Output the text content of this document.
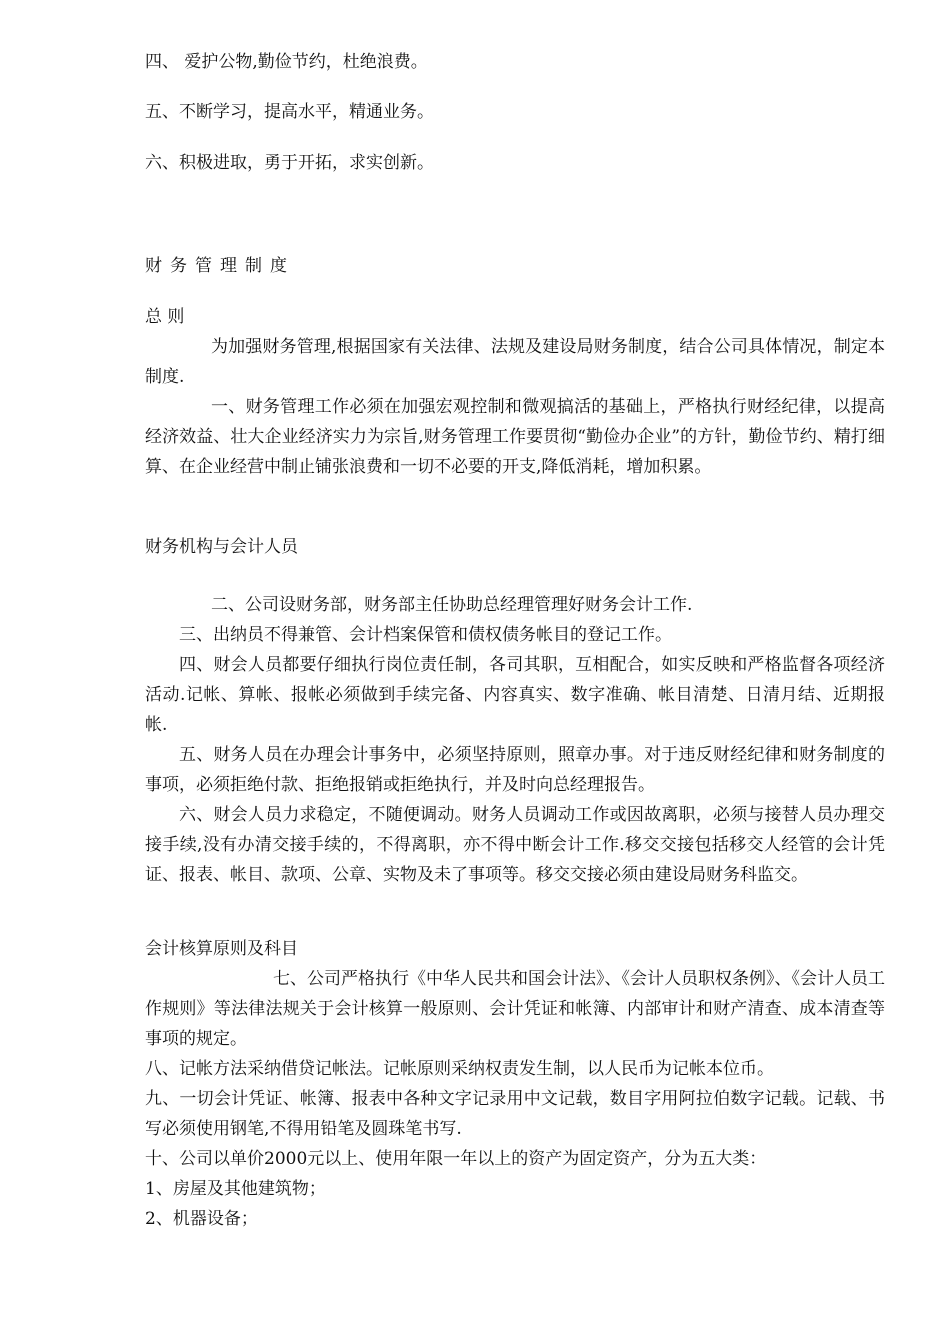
四、 爱护公物,勤俭节约，杜绝浪费。
五、不断学习，提高水平，精通业务。
六、积极进取，勇于开拓，求实创新。
财务管理制度
总 则

为加强财务管理,根据国家有关法律、法规及建设局财务制度，结合公司具体情况，制定本制度.

一、财务管理工作必须在加强宏观控制和微观搞活的基础上，严格执行财经纪律，以提高经济效益、壮大企业经济实力为宗旨,财务管理工作要贯彻“勤俭办企业”的方针，勤俭节约、精打细算、在企业经营中制止铺张浪费和一切不必要的开支,降低消耗，增加积累。

财务机构与会计人员

二、公司设财务部，财务部主任协助总经理管理好财务会计工作.

三、出纳员不得兼管、会计档案保管和债权债务帐目的登记工作。

四、财会人员都要仔细执行岗位责任制，各司其职，互相配合，如实反映和严格监督各项经济活动.记帐、算帐、报帐必须做到手续完备、内容真实、数字准确、帐目清楚、日清月结、近期报帐.

五、财务人员在办理会计事务中，必须坚持原则，照章办事。对于违反财经纪律和财务制度的事项，必须拒绝付款、拒绝报销或拒绝执行，并及时向总经理报告。

六、财会人员力求稳定，不随便调动。财务人员调动工作或因故离职，必须与接替人员办理交接手续,没有办清交接手续的，不得离职，亦不得中断会计工作.移交交接包括移交人经管的会计凭证、报表、帐目、款项、公章、实物及未了事项等。移交交接必须由建设局财务科监交。

会计核算原则及科目

七、公司严格执行《中华人民共和国会计法》、《会计人员职权条例》、《会计人员工作规则》等法律法规关于会计核算一般原则、会计凭证和帐簿、内部审计和财产清查、成本清查等事项的规定。

八、记帐方法采纳借贷记帐法。记帐原则采纳权责发生制，以人民币为记帐本位币。

九、一切会计凭证、帐簿、报表中各种文字记录用中文记载，数目字用阿拉伯数字记载。记载、书写必须使用钢笔,不得用铅笔及圆珠笔书写.

十、公司以单价2000元以上、使用年限一年以上的资产为固定资产，分为五大类：

1、房屋及其他建筑物；

2、机器设备；
